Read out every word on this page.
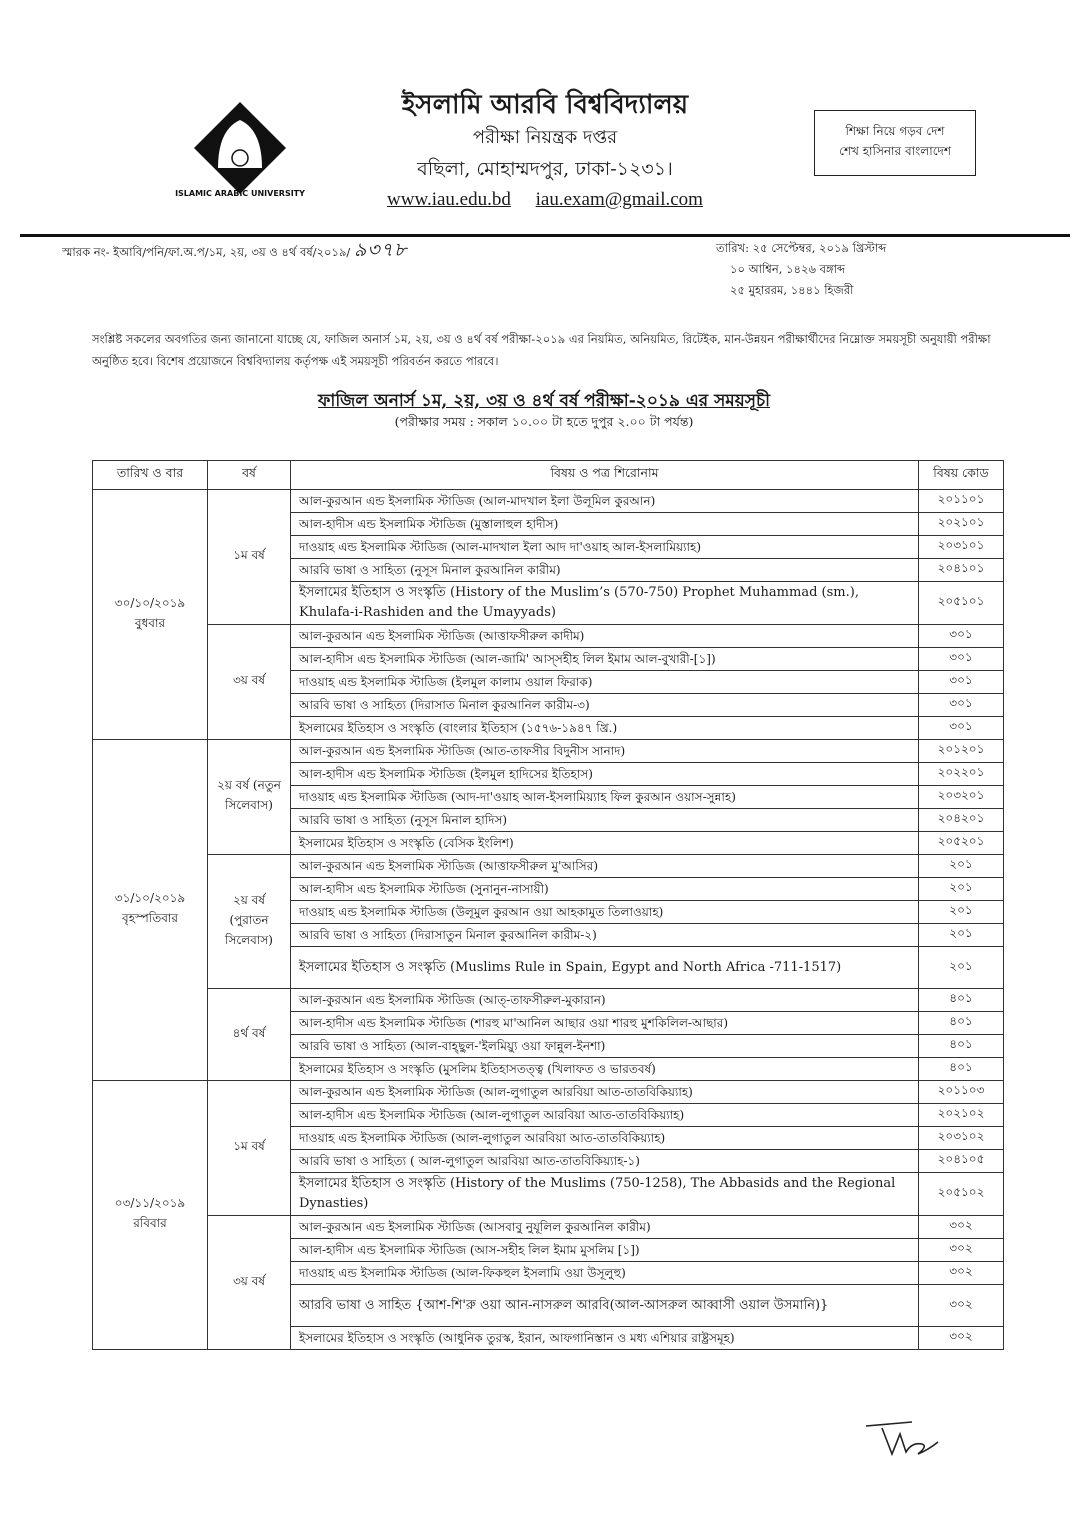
ISLAMIC ARABIC UNIVERSITY
ইসলামি আরবি বিশ্ববিদ্যালয়
পরীক্ষা নিয়ন্ত্রক দপ্তর
বছিলা, মোহাম্মদপুর, ঢাকা-১২৩১।
www.iau.edu.bd iau.exam@gmail.com
শিক্ষা নিয়ে গড়ব দেশ
শেখ হাসিনার বাংলাদেশ
স্মারক নং- ইআবি/পনি/ফা.অ.প/১ম, ২য়, ৩য় ও ৪র্থ বর্ষ/২০১৯/ ৯৩৭৮	তারিখ: ২৫ সেপ্টেম্বর, ২০১৯ খ্রিস্টাব্দ
১০ আশ্বিন, ১৪২৬ বঙ্গাব্দ
২৫ মুহাররম, ১৪৪১ হিজরী
সংশ্লিষ্ট সকলের অবগতির জন্য জানানো যাচ্ছে যে, ফাজিল অনার্স ১ম, ২য়, ৩য় ও ৪র্থ বর্ষ পরীক্ষা-২০১৯ এর নিয়মিত, অনিয়মিত, রিটেইক, মান-উন্নয়ন পরীক্ষার্থীদের নিম্নোক্ত সময়সূচী অনুযায়ী পরীক্ষা অনুষ্ঠিত হবে। বিশেষ প্রয়োজনে বিশ্ববিদ্যালয় কর্তৃপক্ষ এই সময়সূচী পরিবর্তন করতে পারবে।
ফাজিল অনার্স ১ম, ২য়, ৩য় ও ৪র্থ বর্ষ পরীক্ষা-২০১৯ এর সময়সূচী
(পরীক্ষার সময় : সকাল ১০.০০ টা হতে দুপুর ২.০০ টা পর্যন্ত)
তারিখ ও বার	বর্ষ	বিষয় ও পত্র শিরোনাম	বিষয় কোড

৩০/১০/২০১৯
বুধবার	১ম বর্ষ	আল-কুরআন এন্ড ইসলামিক স্টাডিজ (আল-মাদখাল ইলা উলূমিল কুরআন)	২০১১০১
		আল-হাদীস এন্ড ইসলামিক স্টাডিজ (মুস্তালাহুল হাদীস)	২০২১০১
		দাওয়াহ এন্ড ইসলামিক স্টাডিজ (আল-মাদখাল ইলা আদ দা'ওয়াহ আল-ইসলামিয়্যাহ)	২০৩১০১
		আরবি ভাষা ও সাহিত্য (নুসূস মিনাল কুরআনিল কারীম)	২০৪১০১
		ইসলামের ইতিহাস ও সংস্কৃতি (History of the Muslim’s (570-750) Prophet Muhammad (sm.), Khulafa-i-Rashiden and the Umayyads)	২০৫১০১
	৩য় বর্ষ	আল-কুরআন এন্ড ইসলামিক স্টাডিজ (আত্তাফসীরুল কাদীম)	৩০১
		আল-হাদীস এন্ড ইসলামিক স্টাডিজ (আল-জামি' আস্সহীহ লিল ইমাম আল-বুখারী-[১])	৩০১
		দাওয়াহ এন্ড ইসলামিক স্টাডিজ (ইলমুল কালাম ওয়াল ফিরাক)	৩০১
		আরবি ভাষা ও সাহিত্য (দিরাসাত মিনাল কুরআনিল কারীম-৩)	৩০১
		ইসলামের ইতিহাস ও সংস্কৃতি (বাংলার ইতিহাস (১৫৭৬-১৯৪৭ খ্রি.)	৩০১

৩১/১০/২০১৯
বৃহস্পতিবার	২য় বর্ষ (নতুন সিলেবাস)	আল-কুরআন এন্ড ইসলামিক স্টাডিজ (আত-তাফসীর বিদুনীস সানাদ)	২০১২০১
		আল-হাদীস এন্ড ইসলামিক স্টাডিজ (ইলমুল হাদিসের ইতিহাস)	২০২২০১
		দাওয়াহ এন্ড ইসলামিক স্টাডিজ (আদ-দা'ওয়াহ আল-ইসলামিয়্যাহ ফিল কুরআন ওয়াস-সুন্নাহ)	২০৩২০১
		আরবি ভাষা ও সাহিত্য (নুসূস মিনাল হাদিস)	২০৪২০১
		ইসলামের ইতিহাস ও সংস্কৃতি (বেসিক ইংলিশ)	২০৫২০১
	২য় বর্ষ (পুরাতন সিলেবাস)	আল-কুরআন এন্ড ইসলামিক স্টাডিজ (আত্তাফসীরুল মু'আসির)	২০১
		আল-হাদীস এন্ড ইসলামিক স্টাডিজ (সুনানুন-নাসায়ী)	২০১
		দাওয়াহ এন্ড ইসলামিক স্টাডিজ (উলূমুল কুরআন ওয়া আহকামুত তিলাওয়াহ)	২০১
		আরবি ভাষা ও সাহিত্য (দিরাসাতুন মিনাল কুরআনিল কারীম-২)	২০১
		ইসলামের ইতিহাস ও সংস্কৃতি (Muslims Rule in Spain, Egypt and North Africa -711-1517)	২০১
	৪র্থ বর্ষ	আল-কুরআন এন্ড ইসলামিক স্টাডিজ (আত্-তাফসীরুল-মুকারান)	৪০১
		আল-হাদীস এন্ড ইসলামিক স্টাডিজ (শারহু মা'আনিল আছার ওয়া শারহু মুশকিলিল-আছার)	৪০১
		আরবি ভাষা ও সাহিত্য (আল-বাহ্ছুল-'ইলমিয়্যু ওয়া ফান্নুল-ইনশা)	৪০১
		ইসলামের ইতিহাস ও সংস্কৃতি (মুসলিম ইতিহাসতত্ত্ব (খিলাফত ও ভারতবর্ষ)	৪০১

০৩/১১/২০১৯
রবিবার	১ম বর্ষ	আল-কুরআন এন্ড ইসলামিক স্টাডিজ (আল-লুগাতুল আরবিয়া আত-তাতবিকিয়্যাহ)	২০১১০৩
		আল-হাদীস এন্ড ইসলামিক স্টাডিজ (আল-লুগাতুল আরবিয়া আত-তাতবিকিয়্যাহ)	২০২১০২
		দাওয়াহ এন্ড ইসলামিক স্টাডিজ (আল-লুগাতুল আরবিয়া আত-তাতবিকিয়্যাহ)	২০৩১০২
		আরবি ভাষা ও সাহিত্য ( আল-লুগাতুল আরবিয়া আত-তাতবিকিয়্যাহ-১)	২০৪১০৫
		ইসলামের ইতিহাস ও সংস্কৃতি (History of the Muslims (750-1258), The Abbasids and the Regional Dynasties)	২০৫১০২
	৩য় বর্ষ	আল-কুরআন এন্ড ইসলামিক স্টাডিজ (আসবাবু নুযূলিল কুরআনিল কারীম)	৩০২
		আল-হাদীস এন্ড ইসলামিক স্টাডিজ (আস-সহীহ লিল ইমাম মুসলিম [১])	৩০২
		দাওয়াহ এন্ড ইসলামিক স্টাডিজ (আল-ফিকহুল ইসলামি ওয়া উসূলুহু)	৩০২
		আরবি ভাষা ও সাহিত {আশ-শি'রু ওয়া আন-নাসরুল আরবি(আল-আসরুল আব্বাসী ওয়াল উসমানি)}	৩০২
		ইসলামের ইতিহাস ও সংস্কৃতি (আধুনিক তুরস্ক, ইরান, আফগানিস্তান ও মধ্য এশিয়ার রাষ্ট্রসমূহ)	৩০২
